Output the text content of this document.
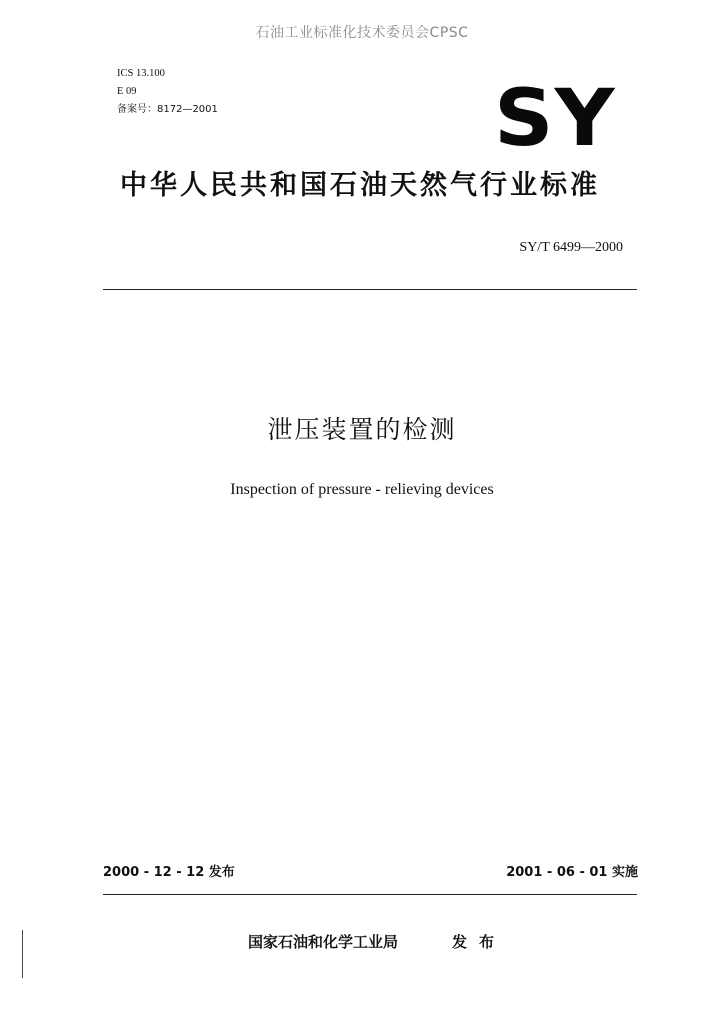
石油工业标准化技术委员会CPSC
ICS 13.100
E 09
备案号：8172—2001	SY
中华人民共和国石油天然气行业标准
SY/T 6499—2000
泄压装置的检测
Inspection of pressure - relieving devices
2000 - 12 - 12 发布	2001 - 06 - 01 实施
国家石油和化学工业局	发布
